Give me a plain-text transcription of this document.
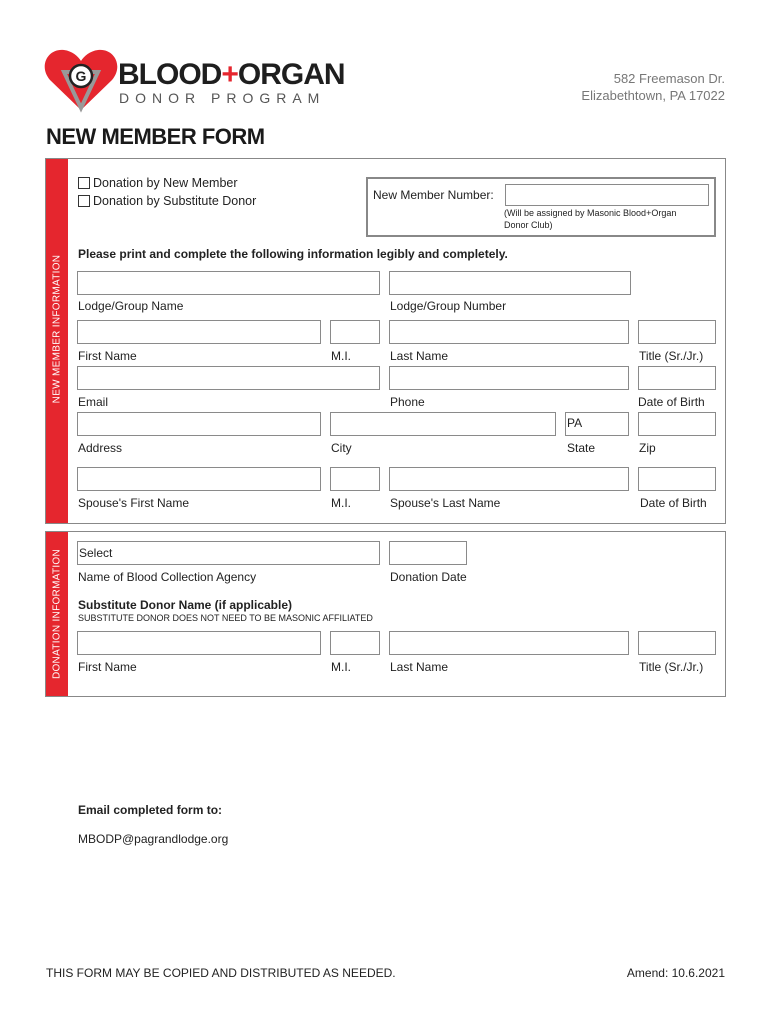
G BLOOD+ORGAN
DONOR PROGRAM
582 Freemason Dr.
Elizabethtown, PA 17022
NEW MEMBER FORM
NEW MEMBER INFORMATION
DONATION INFORMATION
Donation by New Member
Donation by Substitute Donor	New Member Number:
(Will be assigned by Masonic Blood+Organ
Donor Club)
Please print and complete the following information legibly and completely.
Lodge/Group Name	Lodge/Group Number
First Name	M.I.	Last Name	Title (Sr./Jr.)
Email	Phone	Date of Birth
PA
Address	City	State	Zip
Spouse's First Name	M.I.	Spouse's Last Name	Date of Birth
Select
Name of Blood Collection Agency	Donation Date
Substitute Donor Name (if applicable)
SUBSTITUTE DONOR DOES NOT NEED TO BE MASONIC AFFILIATED
First Name	M.I.	Last Name	Title (Sr./Jr.)
Email completed form to:
MBODP@pagrandlodge.org
THIS FORM MAY BE COPIED AND DISTRIBUTED AS NEEDED.	Amend: 10.6.2021
